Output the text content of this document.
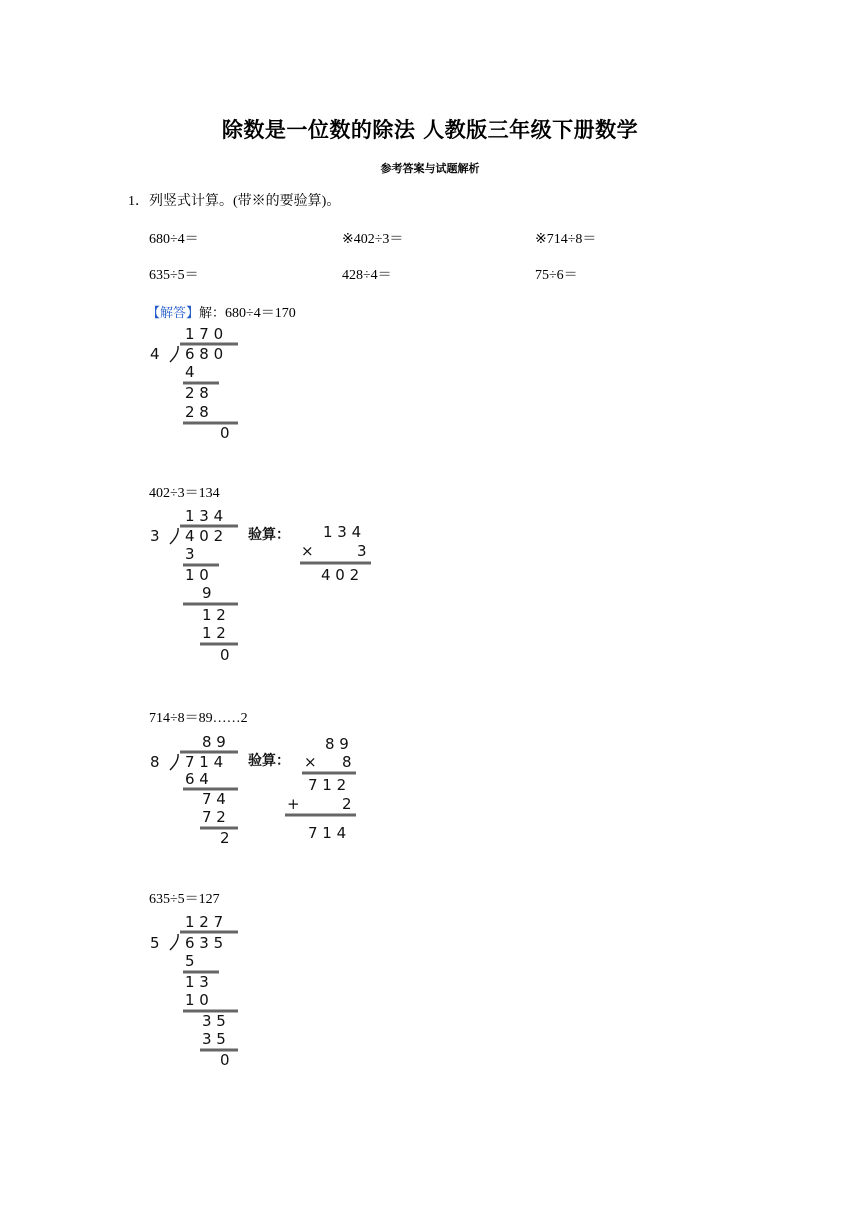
除数是一位数的除法 人教版三年级下册数学
参考答案与试题解析
1．列竖式计算。(带※的要验算)。
680÷4＝	※402÷3＝	※714÷8＝
635÷5＝	428÷4＝	75÷6＝
【解答】解：680÷4＝170
1 7 0
4 6 8 0
4
2 8
2 8
0
402÷3＝134
1 3 4
3 4 0 2
3
1 0
9
1 2
1 2
0
验算： 1 3 4
×	3
4 0 2
714÷8＝89……2
8 9
8 7 1 4
6 4
7 4
7 2
2
验算：
8 9
× 8
7 1 2
+	2
7 1 4
635÷5＝127
1 2 7
5 6 3 5
5
1 3
1 0
3 5
3 5
0
